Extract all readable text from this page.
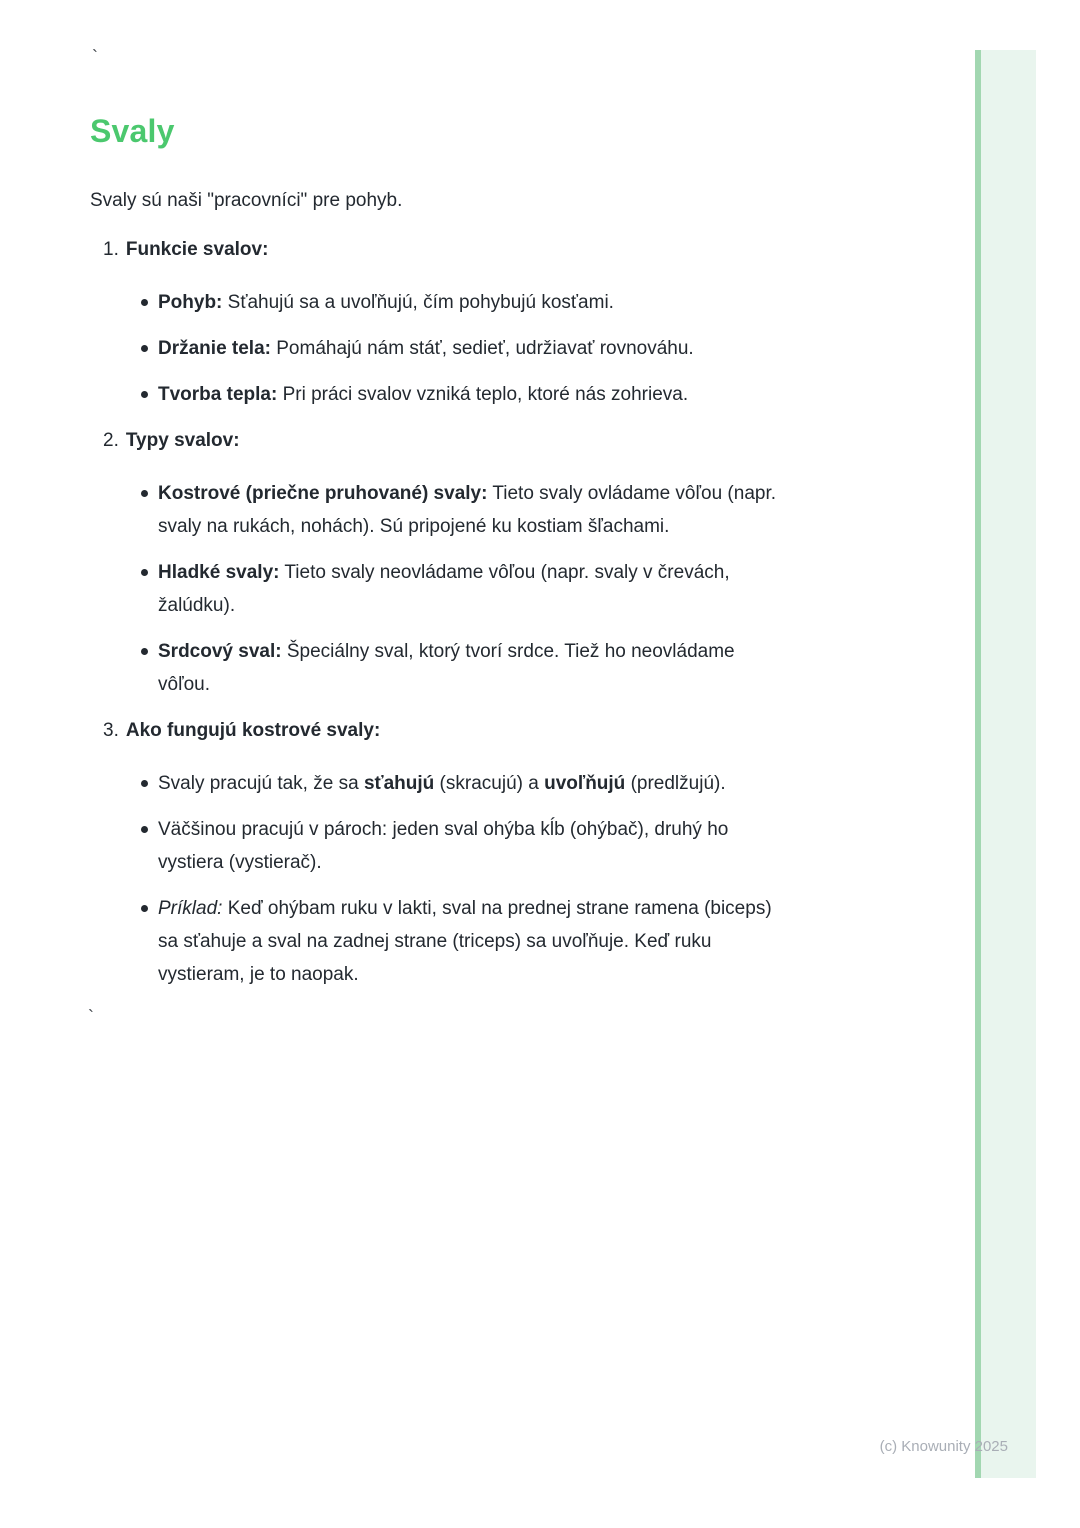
`
Svaly

Svaly sú naši "pracovníci" pre pohyb.

1. Funkcie svalov:
Pohyb: Sťahujú sa a uvoľňujú, čím pohybujú kosťami.
Držanie tela: Pomáhajú nám stáť, sedieť, udržiavať rovnováhu.
Tvorba tepla: Pri práci svalov vzniká teplo, ktoré nás zohrieva.
2. Typy svalov:
Kostrové (priečne pruhované) svaly: Tieto svaly ovládame vôľou (napr. svaly na rukách, nohách). Sú pripojené ku kostiam šľachami.
Hladké svaly: Tieto svaly neovládame vôľou (napr. svaly v črevách, žalúdku).
Srdcový sval: Špeciálny sval, ktorý tvorí srdce. Tiež ho neovládame vôľou.
3. Ako fungujú kostrové svaly:
Svaly pracujú tak, že sa sťahujú (skracujú) a uvoľňujú (predlžujú).
Väčšinou pracujú v pároch: jeden sval ohýba kĺb (ohýbač), druhý ho vystiera (vystierač).
Príklad: Keď ohýbam ruku v lakti, sval na prednej strane ramena (biceps) sa sťahuje a sval na zadnej strane (triceps) sa uvoľňuje. Keď ruku vystieram, je to naopak.
`
(c) Knowunity 2025
